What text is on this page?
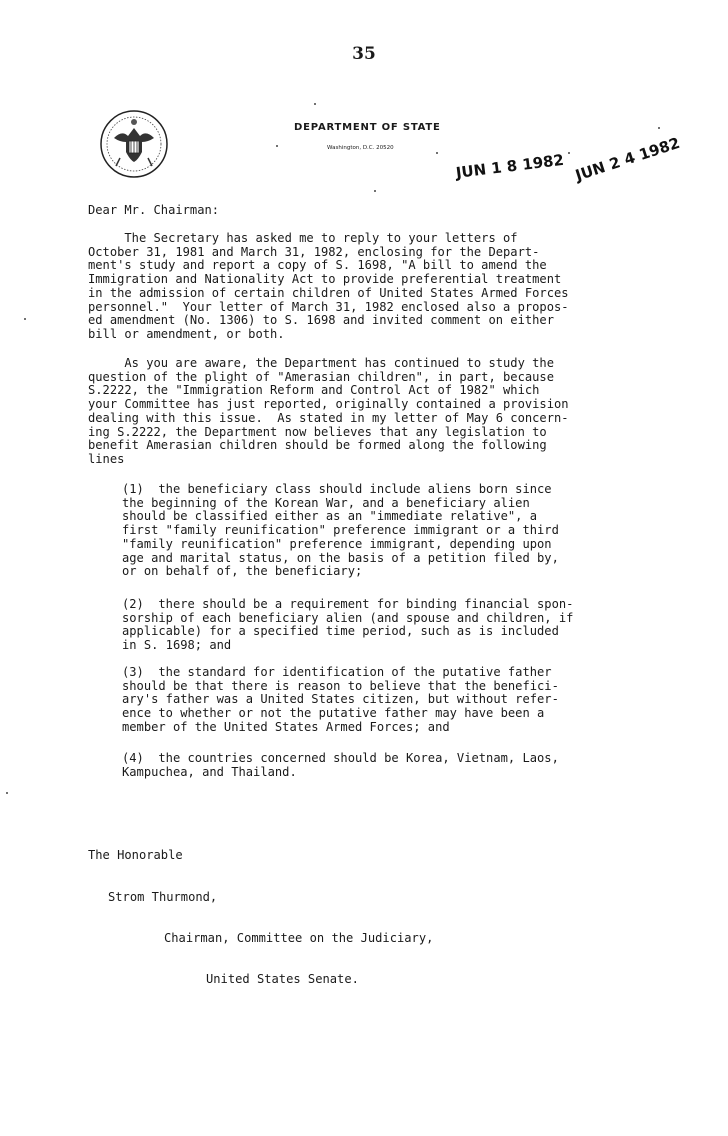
35
DEPARTMENT OF STATE
Washington, D.C. 20520
JUN 1 8 1982 JUN 2 4 1982
Dear Mr. Chairman:
The Secretary has asked me to reply to your letters of
October 31, 1981 and March 31, 1982, enclosing for the Depart-
ment's study and report a copy of S. 1698, "A bill to amend the
Immigration and Nationality Act to provide preferential treatment
in the admission of certain children of United States Armed Forces
personnel."  Your letter of March 31, 1982 enclosed also a propos-
ed amendment (No. 1306) to S. 1698 and invited comment on either
bill or amendment, or both.
As you are aware, the Department has continued to study the
question of the plight of "Amerasian children", in part, because
S.2222, the "Immigration Reform and Control Act of 1982" which
your Committee has just reported, originally contained a provision
dealing with this issue.  As stated in my letter of May 6 concern-
ing S.2222, the Department now believes that any legislation to
benefit Amerasian children should be formed along the following
lines
(1)  the beneficiary class should include aliens born since
the beginning of the Korean War, and a beneficiary alien
should be classified either as an "immediate relative", a
first "family reunification" preference immigrant or a third
"family reunification" preference immigrant, depending upon
age and marital status, on the basis of a petition filed by,
or on behalf of, the beneficiary;
(2)  there should be a requirement for binding financial spon-
sorship of each beneficiary alien (and spouse and children, if
applicable) for a specified time period, such as is included
in S. 1698; and
(3)  the standard for identification of the putative father
should be that there is reason to believe that the benefici-
ary's father was a United States citizen, but without refer-
ence to whether or not the putative father may have been a
member of the United States Armed Forces; and
(4)  the countries concerned should be Korea, Vietnam, Laos,
Kampuchea, and Thailand.

The Honorable

Strom Thurmond,

Chairman, Committee on the Judiciary,

United States Senate.
